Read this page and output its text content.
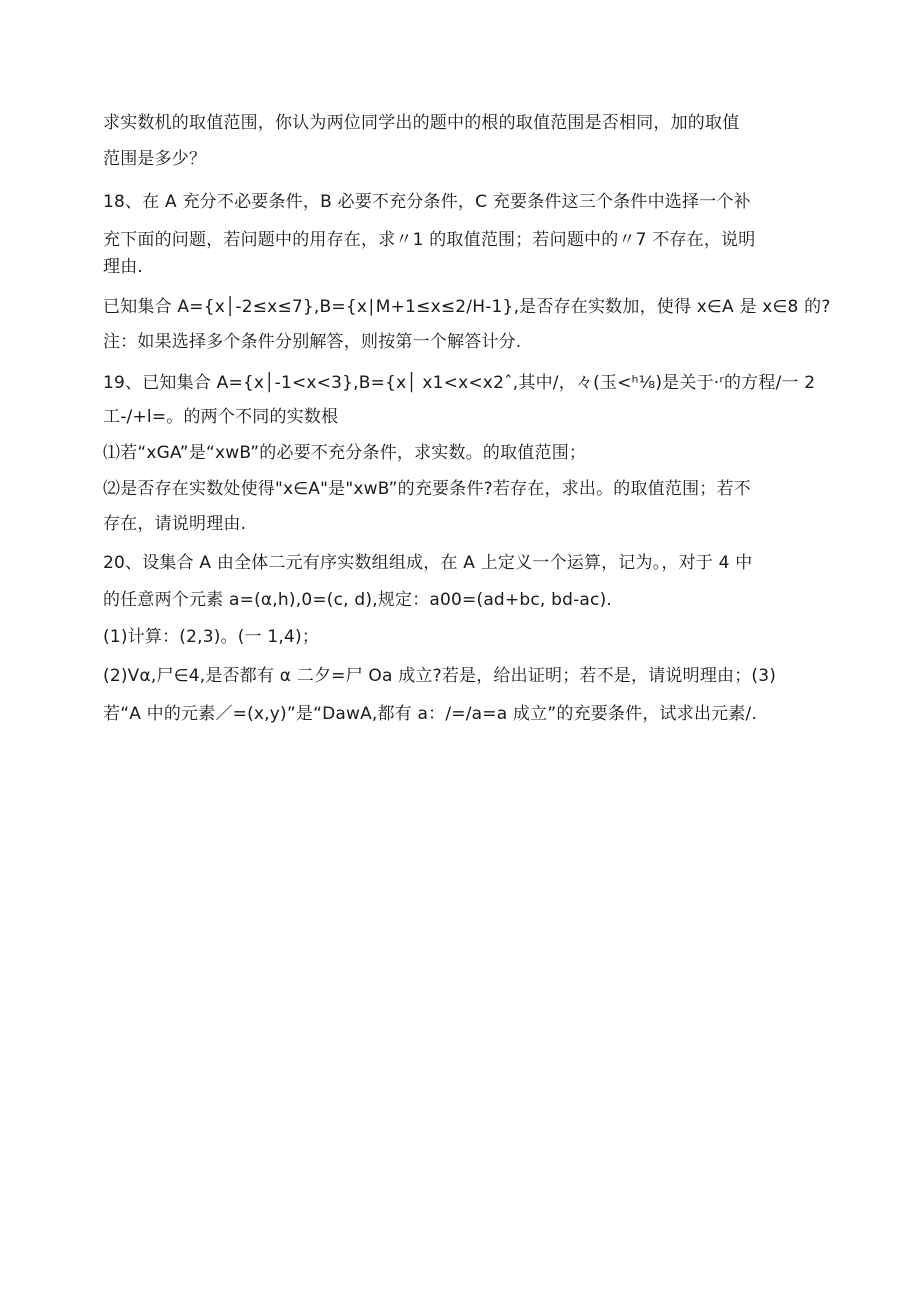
求实数机的取值范围，你认为两位同学出的题中的根的取值范围是否相同，加的取值
范围是多少？
18、在 A 充分不必要条件，B 必要不充分条件，C 充要条件这三个条件中选择一个补
充下面的问题，若问题中的用存在，求〃1 的取值范围；若问题中的〃7 不存在，说明
理由.
已知集合 A={x│-2≤x≤7},B={x∣M+1≤x≤2∕Η-1},是否存在实数加，使得 x∈A 是 x∈8 的?
注：如果选择多个条件分别解答，则按第一个解答计分.
19、已知集合 A={x│-1<x<3},B={x│ x1<x<x2ˆ,其中/，々(玉<ʰ⅛)是关于·ʳ的方程/一 2
工-/+l=。的两个不同的实数根
⑴若“xGA”是“xwB”的必要不充分条件，求实数。的取值范围；
⑵是否存在实数处使得"x∈A"是"xwB”的充要条件?若存在，求出。的取值范围；若不
存在，请说明理由.
20、设集合 A 由全体二元有序实数组组成，在 A 上定义一个运算，记为。，对于 4 中
的任意两个元素 a=(α,h),0=(c, d),规定：a00=(ad+bc, bd-ac).
(1)计算：(2,3)。(一 1,4)；
(2)Vα,尸∈4,是否都有 α 二夕=尸 Oa 成立?若是，给出证明；若不是，请说明理由；(3)
若“A 中的元素／=(x,y)”是“DawA,都有 a：/=/a=a 成立”的充要条件，试求出元素/.
